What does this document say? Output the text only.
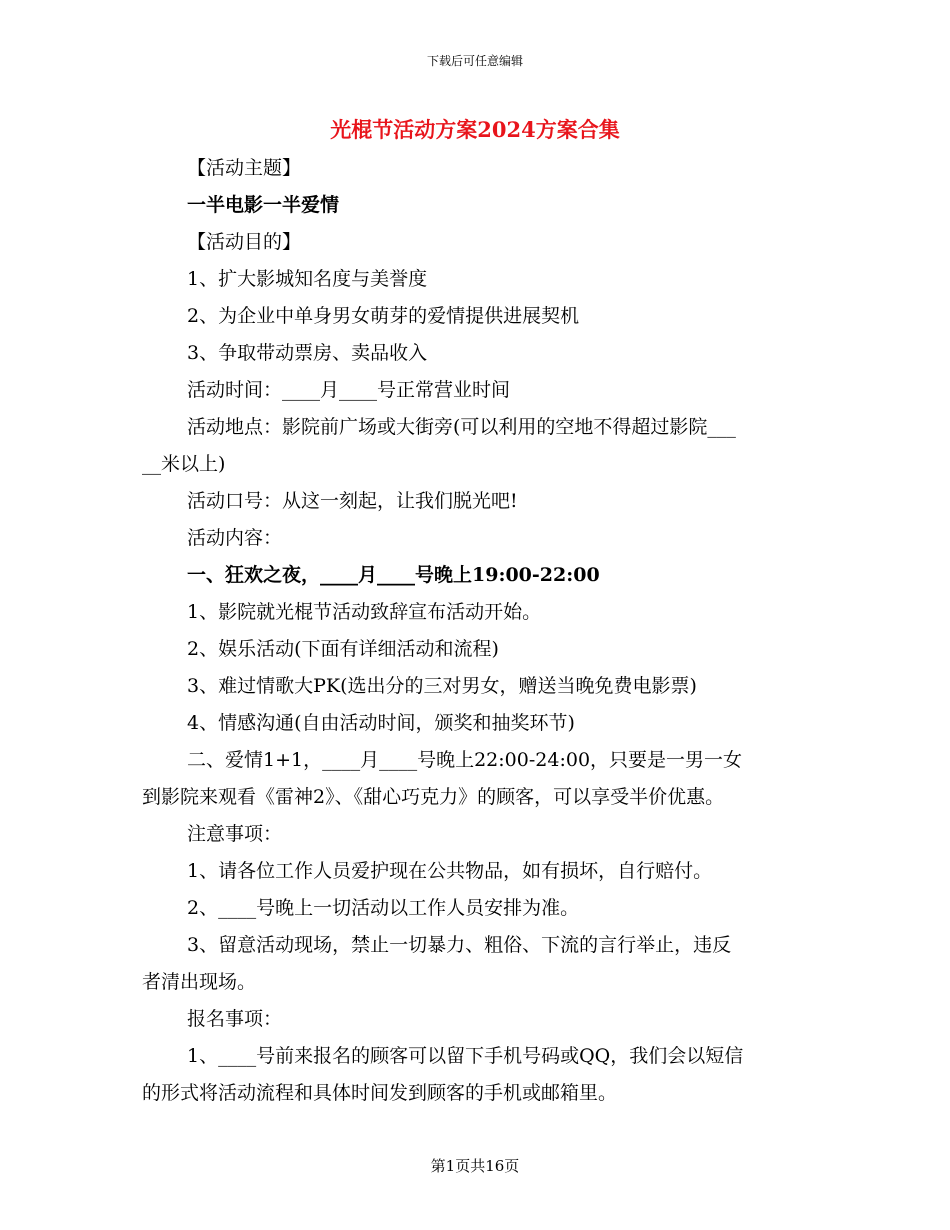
下载后可任意编辑
光棍节活动方案2024方案合集
【活动主题】
一半电影一半爱情
【活动目的】
1、扩大影城知名度与美誉度
2、为企业中单身男女萌芽的爱情提供进展契机
3、争取带动票房、卖品收入
活动时间：____月____号正常营业时间
活动地点：影院前广场或大街旁(可以利用的空地不得超过影院___
__米以上)
活动口号：从这一刻起，让我们脱光吧!
活动内容：
一、狂欢之夜，____月____号晚上19:00-22:00
1、影院就光棍节活动致辞宣布活动开始。
2、娱乐活动(下面有详细活动和流程)
3、难过情歌大PK(选出分的三对男女，赠送当晚免费电影票)
4、情感沟通(自由活动时间，颁奖和抽奖环节)
二、爱情1+1，____月____号晚上22:00-24:00，只要是一男一女
到影院来观看《雷神2》、《甜心巧克力》的顾客，可以享受半价优惠。
注意事项：
1、请各位工作人员爱护现在公共物品，如有损坏，自行赔付。
2、____号晚上一切活动以工作人员安排为准。
3、留意活动现场，禁止一切暴力、粗俗、下流的言行举止，违反
者清出现场。
报名事项：
1、____号前来报名的顾客可以留下手机号码或QQ，我们会以短信
的形式将活动流程和具体时间发到顾客的手机或邮箱里。
第1页共16页
